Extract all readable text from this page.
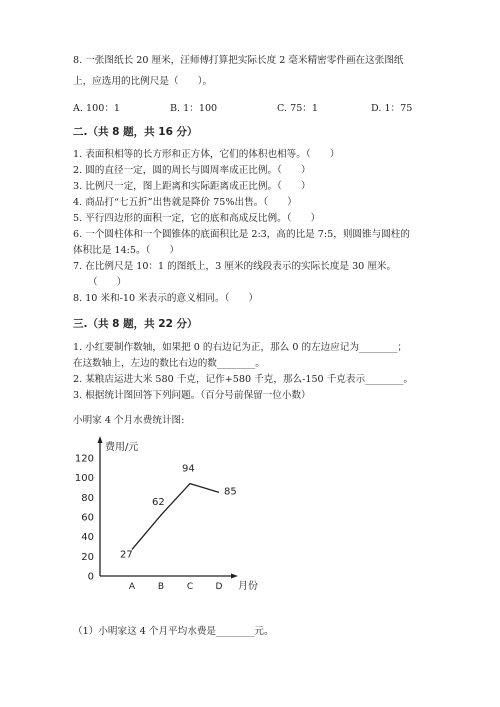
8. 一张图纸长 20 厘米，汪师傅打算把实际长度 2 毫米精密零件画在这张图纸
上，应选用的比例尺是（　　）。
A. 100：1	B. 1：100	C. 75：1	D. 1：75
二.（共 8 题，共 16 分）
1. 表面积相等的长方形和正方体，它们的体积也相等。（　　）
2. 圆的直径一定，圆的周长与圆周率成正比例。（　　）
3. 比例尺一定，图上距离和实际距离成正比例。（　　）
4. 商品打“七五折”出售就是降价 75%出售。（　　）
5. 平行四边形的面积一定，它的底和高成反比例。（　　）
6. 一个圆柱体和一个圆锥体的底面积比是 2:3，高的比是 7:5，则圆锥与圆柱的
体积比是 14:5。（　　）
7. 在比例尺是 10：1 的图纸上，3 厘米的线段表示的实际长度是 30 厘米。
（　　）
8. 10 米和-10 米表示的意义相同。（　　）
三.（共 8 题，共 22 分）
1. 小红要制作数轴，如果把 0 的右边记为正，那么 0 的左边应记为________；
在这数轴上，左边的数比右边的数________。
2. 某粮店运进大米 580 千克，记作+580 千克，那么-150 千克表示________。
3. 根据统计图回答下列问题。（百分号前保留一位小数）
小明家 4 个月水费统计图:
费用/元
月份
0
20
40
60
80
100
120
A	B	C D
27
62
94
85
（1）小明家这 4 个月平均水费是________元。
